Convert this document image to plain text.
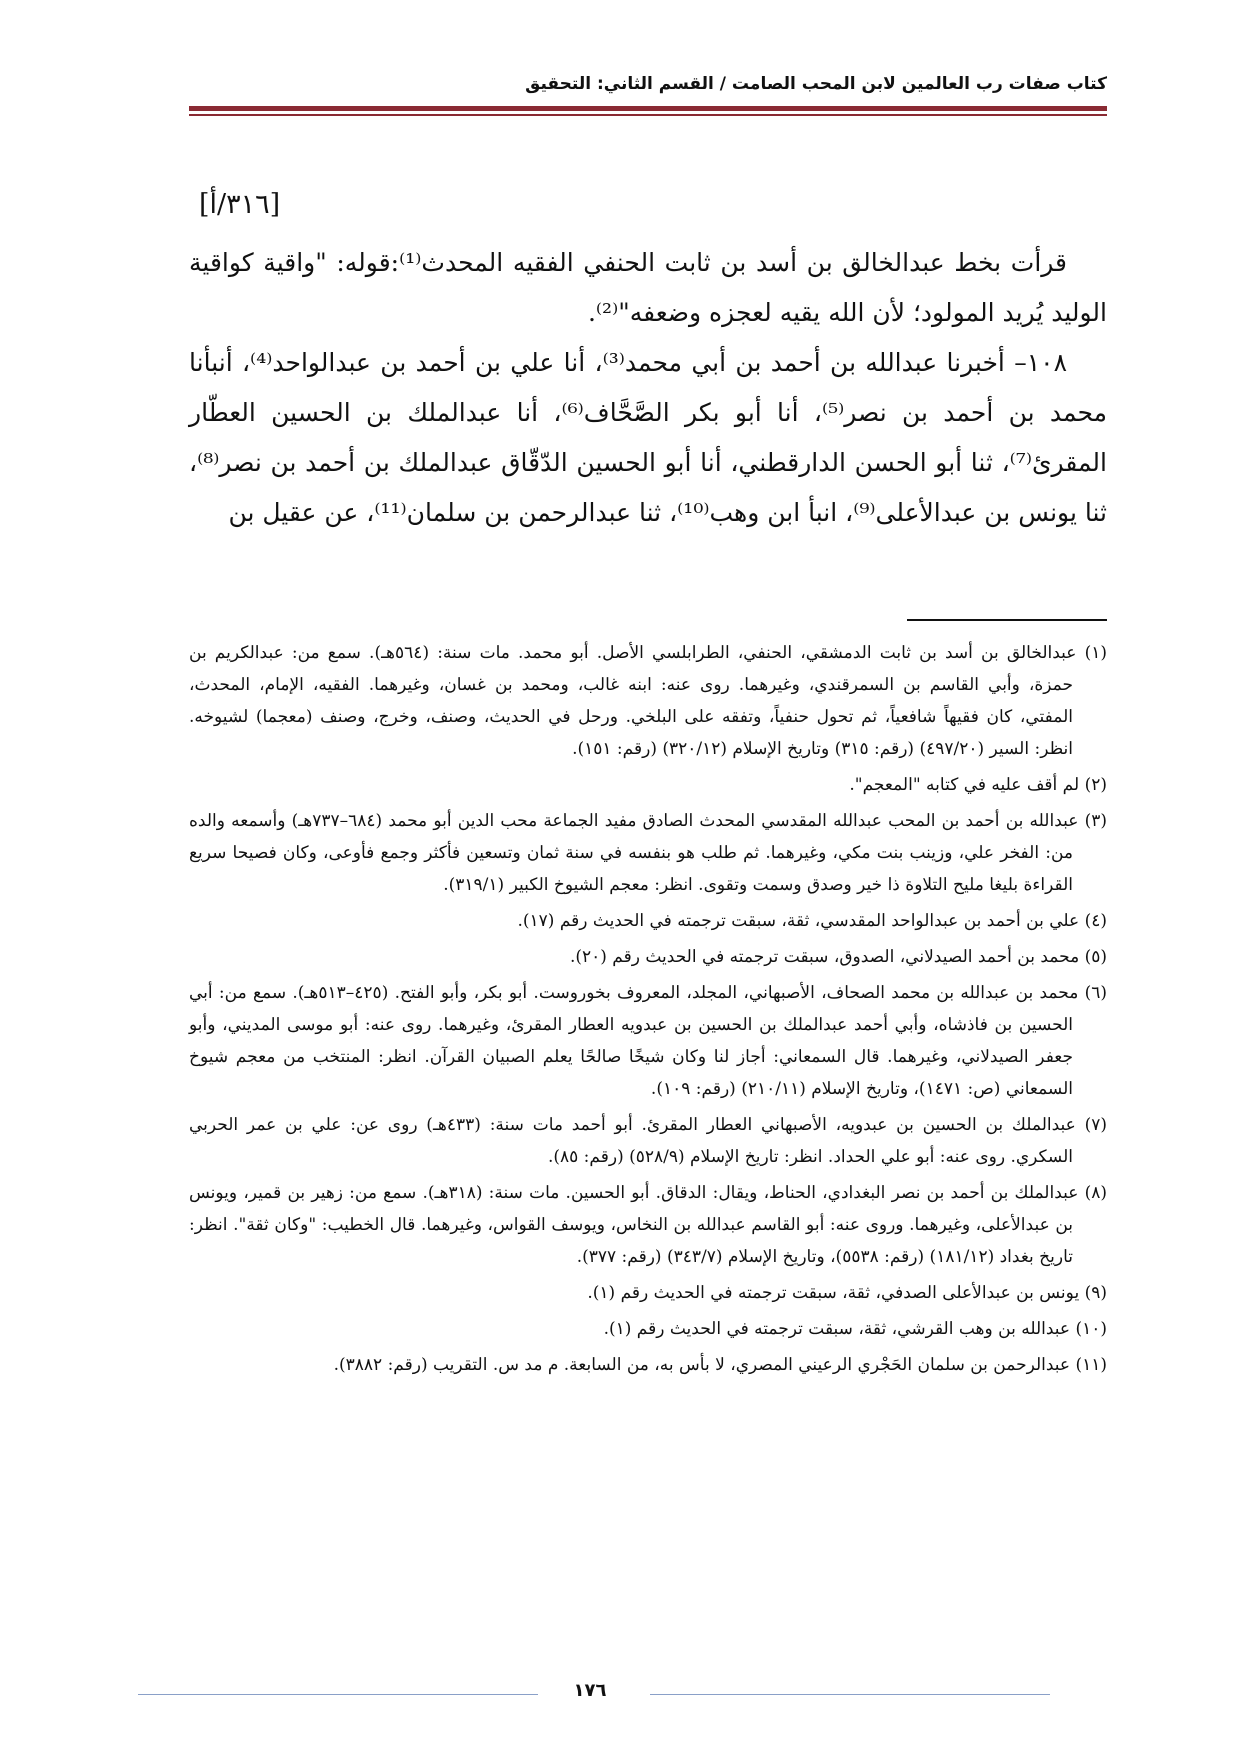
كتاب صفات رب العالمين لابن المحب الصامت / القسم الثاني: التحقيق

[٣١٦/أ]

قرأت بخط عبدالخالق بن أسد بن ثابت الحنفي الفقيه المحدث⁽¹⁾:قوله: "واقية كواقية الوليد يُريد المولود؛ لأن الله يقيه لعجزه وضعفه"⁽²⁾.

١٠٨– أخبرنا عبدالله بن أحمد بن أبي محمد⁽³⁾، أنا علي بن أحمد بن عبدالواحد⁽⁴⁾، أنبأنا محمد بن أحمد بن نصر⁽⁵⁾، أنا أبو بكر الصَّحَّاف⁽⁶⁾، أنا عبدالملك بن الحسين العطّار المقرئ⁽⁷⁾، ثنا أبو الحسن الدارقطني، أنا أبو الحسين الدّقّاق عبدالملك بن أحمد بن نصر⁽⁸⁾، ثنا يونس بن عبدالأعلى⁽⁹⁾، انبأ ابن وهب⁽¹⁰⁾، ثنا عبدالرحمن بن سلمان⁽¹¹⁾، عن عقيل بن

(١) عبدالخالق بن أسد بن ثابت الدمشقي، الحنفي، الطرابلسي الأصل. أبو محمد. مات سنة: (٥٦٤هـ). سمع من: عبدالكريم بن حمزة، وأبي القاسم بن السمرقندي، وغيرهما. روى عنه: ابنه غالب، ومحمد بن غسان، وغيرهما. الفقيه، الإمام، المحدث، المفتي، كان فقيهاً شافعياً، ثم تحول حنفياً، وتفقه على البلخي. ورحل في الحديث، وصنف، وخرج، وصنف (معجما) لشيوخه. انظر: السير (٤٩٧/٢٠) (رقم: ٣١٥) وتاريخ الإسلام (٣٢٠/١٢) (رقم: ١٥١).

(٢) لم أقف عليه في كتابه "المعجم".

(٣) عبدالله بن أحمد بن المحب عبدالله المقدسي المحدث الصادق مفيد الجماعة محب الدين أبو محمد (٦٨٤–٧٣٧هـ) وأسمعه والده من: الفخر علي، وزينب بنت مكي، وغيرهما. ثم طلب هو بنفسه في سنة ثمان وتسعين فأكثر وجمع فأوعى، وكان فصيحا سريع القراءة بليغا مليح التلاوة ذا خير وصدق وسمت وتقوى. انظر: معجم الشيوخ الكبير (٣١٩/١).

(٤) علي بن أحمد بن عبدالواحد المقدسي، ثقة، سبقت ترجمته في الحديث رقم (١٧).

(٥) محمد بن أحمد الصيدلاني، الصدوق، سبقت ترجمته في الحديث رقم (٢٠).

(٦) محمد بن عبدالله بن محمد الصحاف، الأصبهاني، المجلد، المعروف بخوروست. أبو بكر، وأبو الفتح. (٤٢٥–٥١٣هـ). سمع من: أبي الحسين بن فاذشاه، وأبي أحمد عبدالملك بن الحسين بن عبدويه العطار المقرئ، وغيرهما. روى عنه: أبو موسى المديني، وأبو جعفر الصيدلاني، وغيرهما. قال السمعاني: أجاز لنا وكان شيخًا صالحًا يعلم الصبيان القرآن. انظر: المنتخب من معجم شيوخ السمعاني (ص: ١٤٧١)، وتاريخ الإسلام (٢١٠/١١) (رقم: ١٠٩).

(٧) عبدالملك بن الحسين بن عبدويه، الأصبهاني العطار المقرئ. أبو أحمد مات سنة: (٤٣٣هـ) روى عن: علي بن عمر الحربي السكري. روى عنه: أبو علي الحداد. انظر: تاريخ الإسلام (٥٢٨/٩) (رقم: ٨٥).

(٨) عبدالملك بن أحمد بن نصر البغدادي، الحناط، ويقال: الدقاق. أبو الحسين. مات سنة: (٣١٨هـ). سمع من: زهير بن قمير، ويونس بن عبدالأعلى، وغيرهما. وروى عنه: أبو القاسم عبدالله بن النخاس، ويوسف القواس، وغيرهما. قال الخطيب: "وكان ثقة". انظر: تاريخ بغداد (١٨١/١٢) (رقم: ٥٥٣٨)، وتاريخ الإسلام (٣٤٣/٧) (رقم: ٣٧٧).

(٩) يونس بن عبدالأعلى الصدفي، ثقة، سبقت ترجمته في الحديث رقم (١).

(١٠) عبدالله بن وهب القرشي، ثقة، سبقت ترجمته في الحديث رقم (١).

(١١) عبدالرحمن بن سلمان الحَجْري الرعيني المصري، لا بأس به، من السابعة. م مد س. التقريب (رقم: ٣٨٨٢).

١٧٦
